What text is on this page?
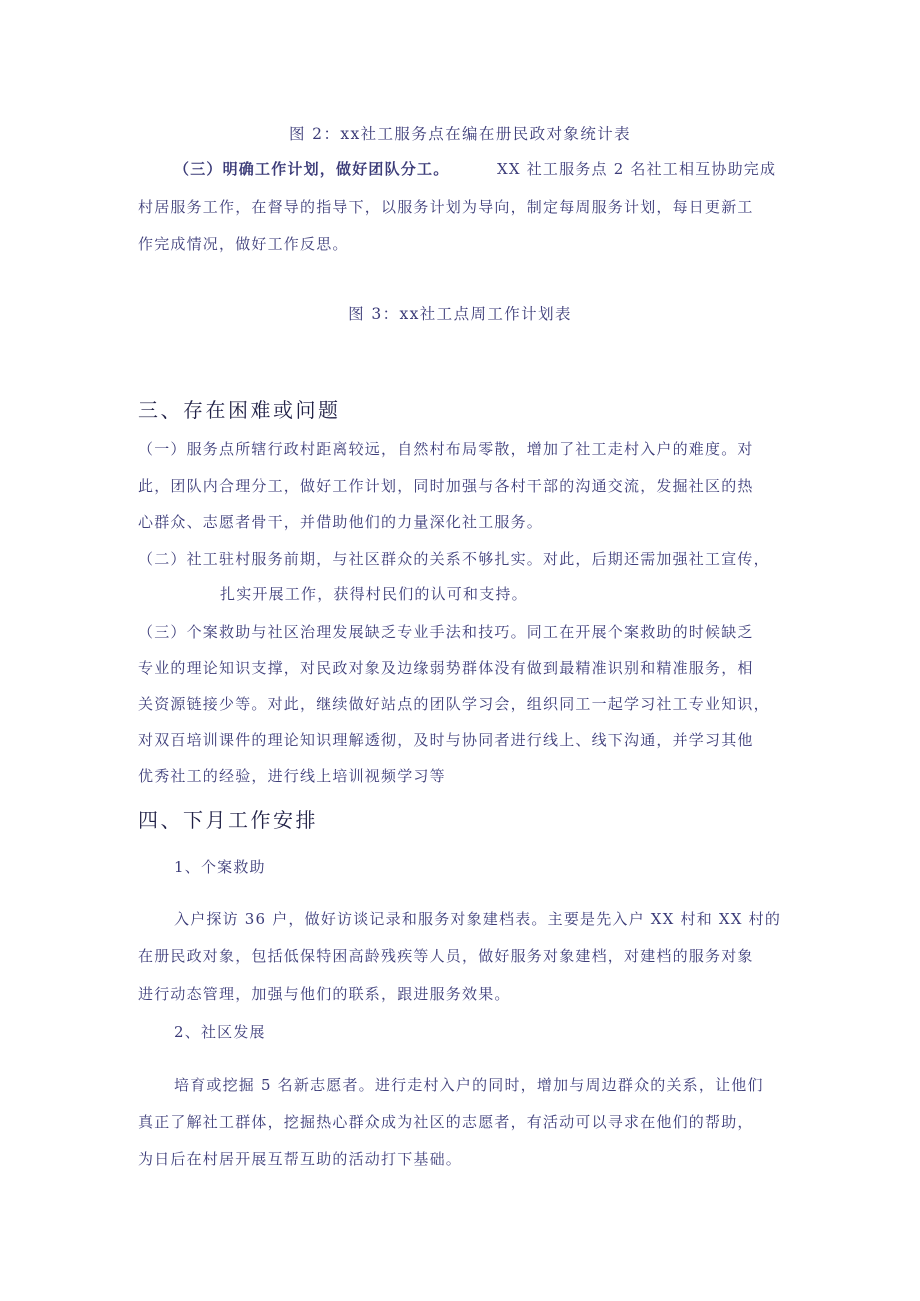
图 2：xx社工服务点在编在册民政对象统计表
（三）明确工作计划，做好团队分工。	XX 社工服务点 2 名社工相互协助完成
村居服务工作，在督导的指导下，以服务计划为导向，制定每周服务计划，每日更新工
作完成情况，做好工作反思。
图 3：xx社工点周工作计划表
三、存在困难或问题
（一）服务点所辖行政村距离较远，自然村布局零散，增加了社工走村入户的难度。对
此，团队内合理分工，做好工作计划，同时加强与各村干部的沟通交流，发掘社区的热
心群众、志愿者骨干，并借助他们的力量深化社工服务。
（二）社工驻村服务前期，与社区群众的关系不够扎实。对此，后期还需加强社工宣传，
扎实开展工作，获得村民们的认可和支持。
（三）个案救助与社区治理发展缺乏专业手法和技巧。同工在开展个案救助的时候缺乏
专业的理论知识支撑，对民政对象及边缘弱势群体没有做到最精准识别和精准服务，相
关资源链接少等。对此，继续做好站点的团队学习会，组织同工一起学习社工专业知识，
对双百培训课件的理论知识理解透彻，及时与协同者进行线上、线下沟通，并学习其他
优秀社工的经验，进行线上培训视频学习等
四、下月工作安排
1、个案救助
入户探访 36 户，做好访谈记录和服务对象建档表。主要是先入户 XX 村和 XX 村的
在册民政对象，包括低保特困高龄残疾等人员，做好服务对象建档，对建档的服务对象
进行动态管理，加强与他们的联系，跟进服务效果。
2、社区发展
培育或挖掘 5 名新志愿者。进行走村入户的同时，增加与周边群众的关系，让他们
真正了解社工群体，挖掘热心群众成为社区的志愿者，有活动可以寻求在他们的帮助，
为日后在村居开展互帮互助的活动打下基础。
